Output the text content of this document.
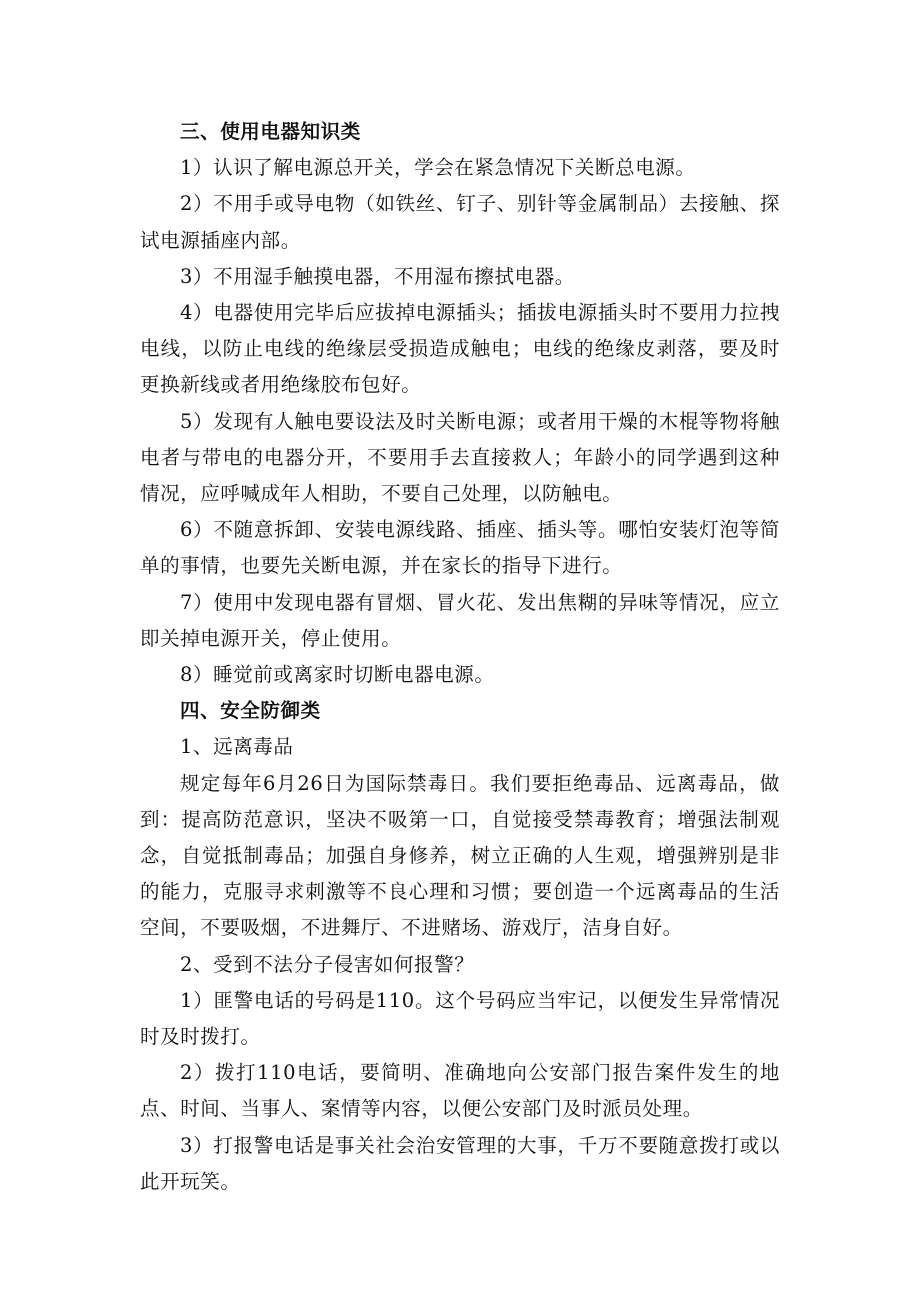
三、使用电器知识类

1）认识了解电源总开关，学会在紧急情况下关断总电源。

2）不用手或导电物（如铁丝、钉子、别针等金属制品）去接触、探试电源插座内部。

3）不用湿手触摸电器，不用湿布擦拭电器。

4）电器使用完毕后应拔掉电源插头；插拔电源插头时不要用力拉拽电线，以防止电线的绝缘层受损造成触电；电线的绝缘皮剥落，要及时更换新线或者用绝缘胶布包好。

5）发现有人触电要设法及时关断电源；或者用干燥的木棍等物将触电者与带电的电器分开，不要用手去直接救人；年龄小的同学遇到这种情况，应呼喊成年人相助，不要自己处理，以防触电。

6）不随意拆卸、安装电源线路、插座、插头等。哪怕安装灯泡等简单的事情，也要先关断电源，并在家长的指导下进行。

7）使用中发现电器有冒烟、冒火花、发出焦糊的异味等情况，应立即关掉电源开关，停止使用。

8）睡觉前或离家时切断电器电源。

四、安全防御类

1、远离毒品

规定每年6月26日为国际禁毒日。我们要拒绝毒品、远离毒品，做到：提高防范意识，坚决不吸第一口，自觉接受禁毒教育；增强法制观念，自觉抵制毒品；加强自身修养，树立正确的人生观，增强辨别是非的能力，克服寻求刺激等不良心理和习惯；要创造一个远离毒品的生活空间，不要吸烟，不进舞厅、不进赌场、游戏厅，洁身自好。

2、受到不法分子侵害如何报警？

1）匪警电话的号码是110。这个号码应当牢记，以便发生异常情况时及时拨打。

2）拨打110电话，要简明、准确地向公安部门报告案件发生的地点、时间、当事人、案情等内容，以便公安部门及时派员处理。

3）打报警电话是事关社会治安管理的大事，千万不要随意拨打或以此开玩笑。
